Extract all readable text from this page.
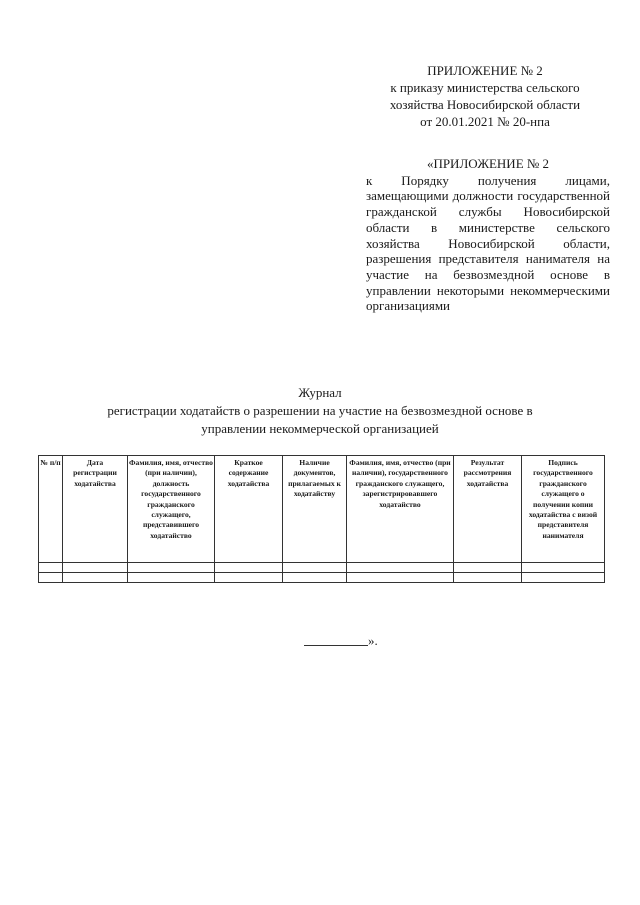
ПРИЛОЖЕНИЕ № 2
к приказу министерства сельского
хозяйства Новосибирской области
от 20.01.2021 № 20-нпа
«ПРИЛОЖЕНИЕ № 2
к Порядку получения лицами, замещающими должности государственной гражданской службы Новосибирской области в министерстве сельского хозяйства Новосибирской области, разрешения представителя нанимателя на участие на безвозмездной основе в управлении некоторыми некоммерческими организациями
Журнал
регистрации ходатайств о разрешении на участие на безвозмездной основе в
управлении некоммерческой организацией
№ п/п	Дата регистрации ходатайства	Фамилия, имя, отчество (при наличии), должность государственного гражданского служащего, представившего ходатайство	Краткое содержание ходатайства	Наличие документов, прилагаемых к ходатайству	Фамилия, имя, отчество (при наличии), государственного гражданского служащего, зарегистрировавшего ходатайство	Результат рассмотрения ходатайства	Подпись государственного гражданского служащего о получении копии ходатайства с визой представителя нанимателя

».
